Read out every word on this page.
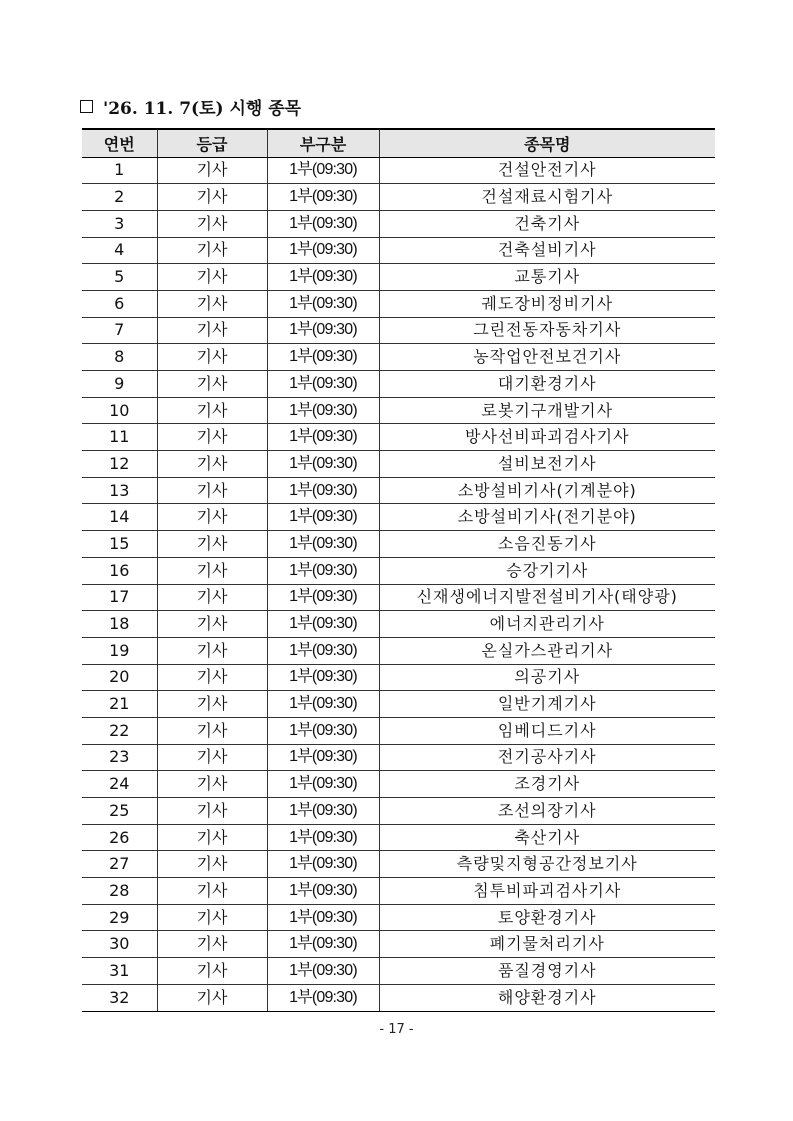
'26. 11. 7(토) 시행 종목
연번	등급	부구분	종목명
1	기사	1부(09:30)	건설안전기사
2	기사	1부(09:30)	건설재료시험기사
3	기사	1부(09:30)	건축기사
4	기사	1부(09:30)	건축설비기사
5	기사	1부(09:30)	교통기사
6	기사	1부(09:30)	궤도장비정비기사
7	기사	1부(09:30)	그린전동자동차기사
8	기사	1부(09:30)	농작업안전보건기사
9	기사	1부(09:30)	대기환경기사
10	기사	1부(09:30)	로봇기구개발기사
11	기사	1부(09:30)	방사선비파괴검사기사
12	기사	1부(09:30)	설비보전기사
13	기사	1부(09:30)	소방설비기사(기계분야)
14	기사	1부(09:30)	소방설비기사(전기분야)
15	기사	1부(09:30)	소음진동기사
16	기사	1부(09:30)	승강기기사
17	기사	1부(09:30)	신재생에너지발전설비기사(태양광)
18	기사	1부(09:30)	에너지관리기사
19	기사	1부(09:30)	온실가스관리기사
20	기사	1부(09:30)	의공기사
21	기사	1부(09:30)	일반기계기사
22	기사	1부(09:30)	임베디드기사
23	기사	1부(09:30)	전기공사기사
24	기사	1부(09:30)	조경기사
25	기사	1부(09:30)	조선의장기사
26	기사	1부(09:30)	축산기사
27	기사	1부(09:30)	측량및지형공간정보기사
28	기사	1부(09:30)	침투비파괴검사기사
29	기사	1부(09:30)	토양환경기사
30	기사	1부(09:30)	폐기물처리기사
31	기사	1부(09:30)	품질경영기사
32	기사	1부(09:30)	해양환경기사
- 17 -
